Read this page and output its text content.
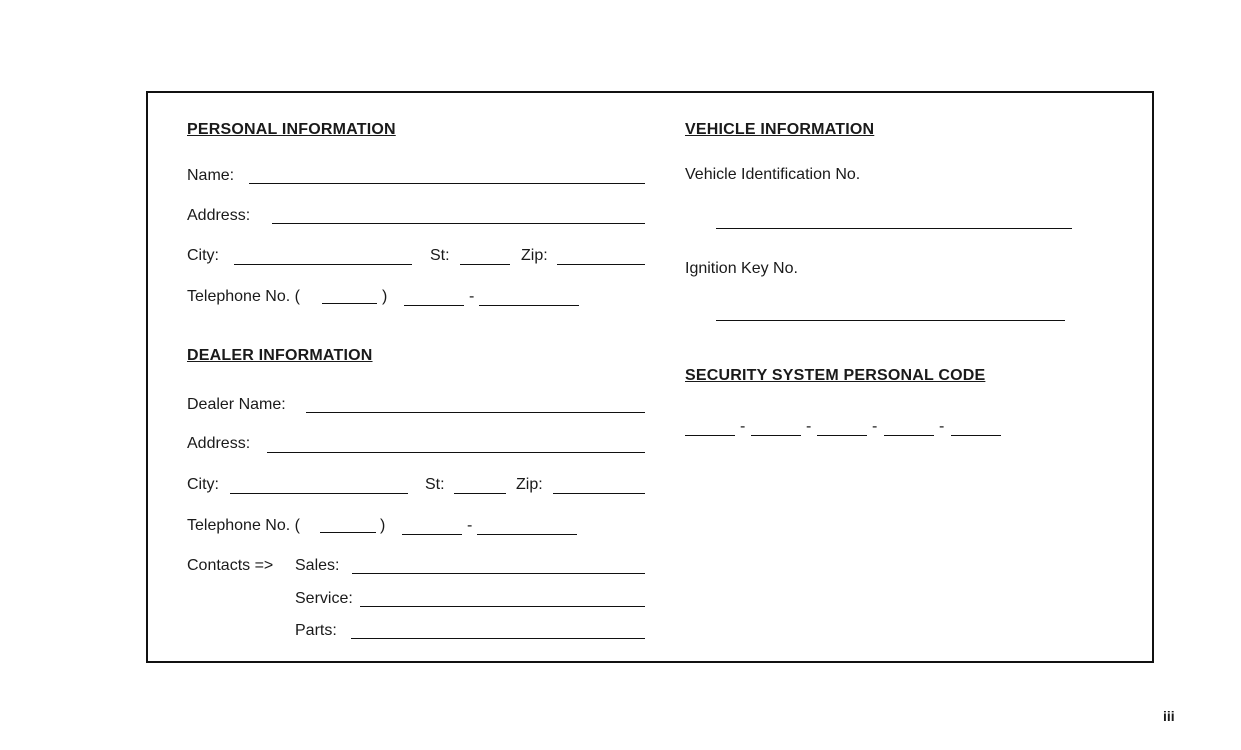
PERSONAL INFORMATION
Name:
Address:
City:	St:	Zip:
Telephone No. (	)	-
DEALER INFORMATION
Dealer Name:
Address:
City:	St:	Zip:
Telephone No. (	)	-
Contacts => Sales:
Service:
Parts:
VEHICLE INFORMATION
Vehicle Identification No.
Ignition Key No.
SECURITY SYSTEM PERSONAL CODE
-	-	-	-
iii
